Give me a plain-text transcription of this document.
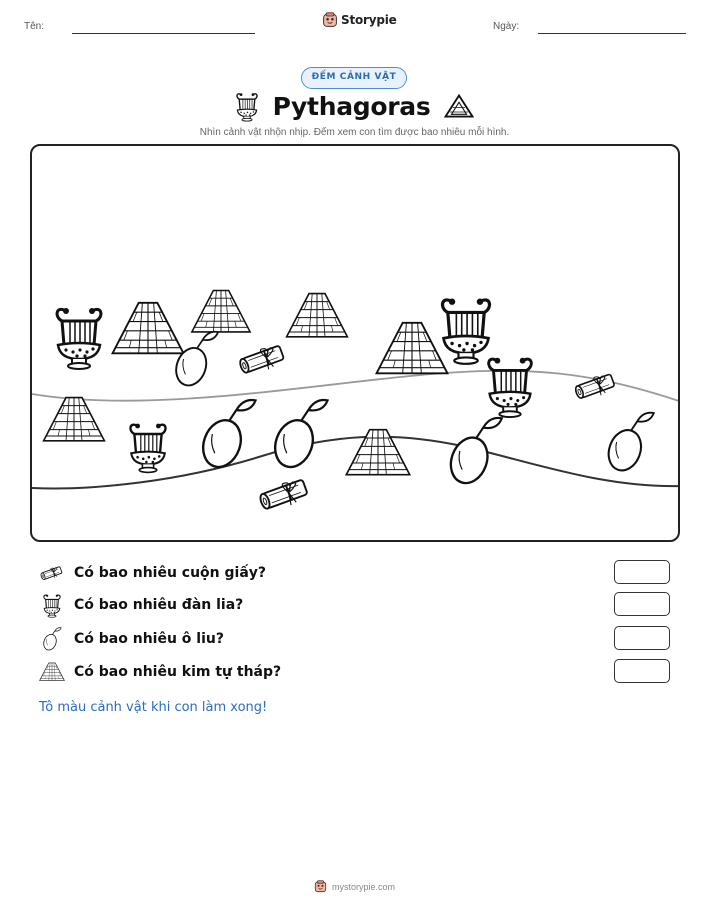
Tên:	Storypie	Ngày:
ĐẾM CẢNH VẬT
Pythagoras
Nhìn cảnh vật nhộn nhịp. Đếm xem con tìm được bao nhiêu mỗi hình.
Có bao nhiêu cuộn giấy?
Có bao nhiêu đàn lia?
Có bao nhiêu ô liu?
Có bao nhiêu kim tự tháp?
Tô màu cảnh vật khi con làm xong!
mystorypie.com
